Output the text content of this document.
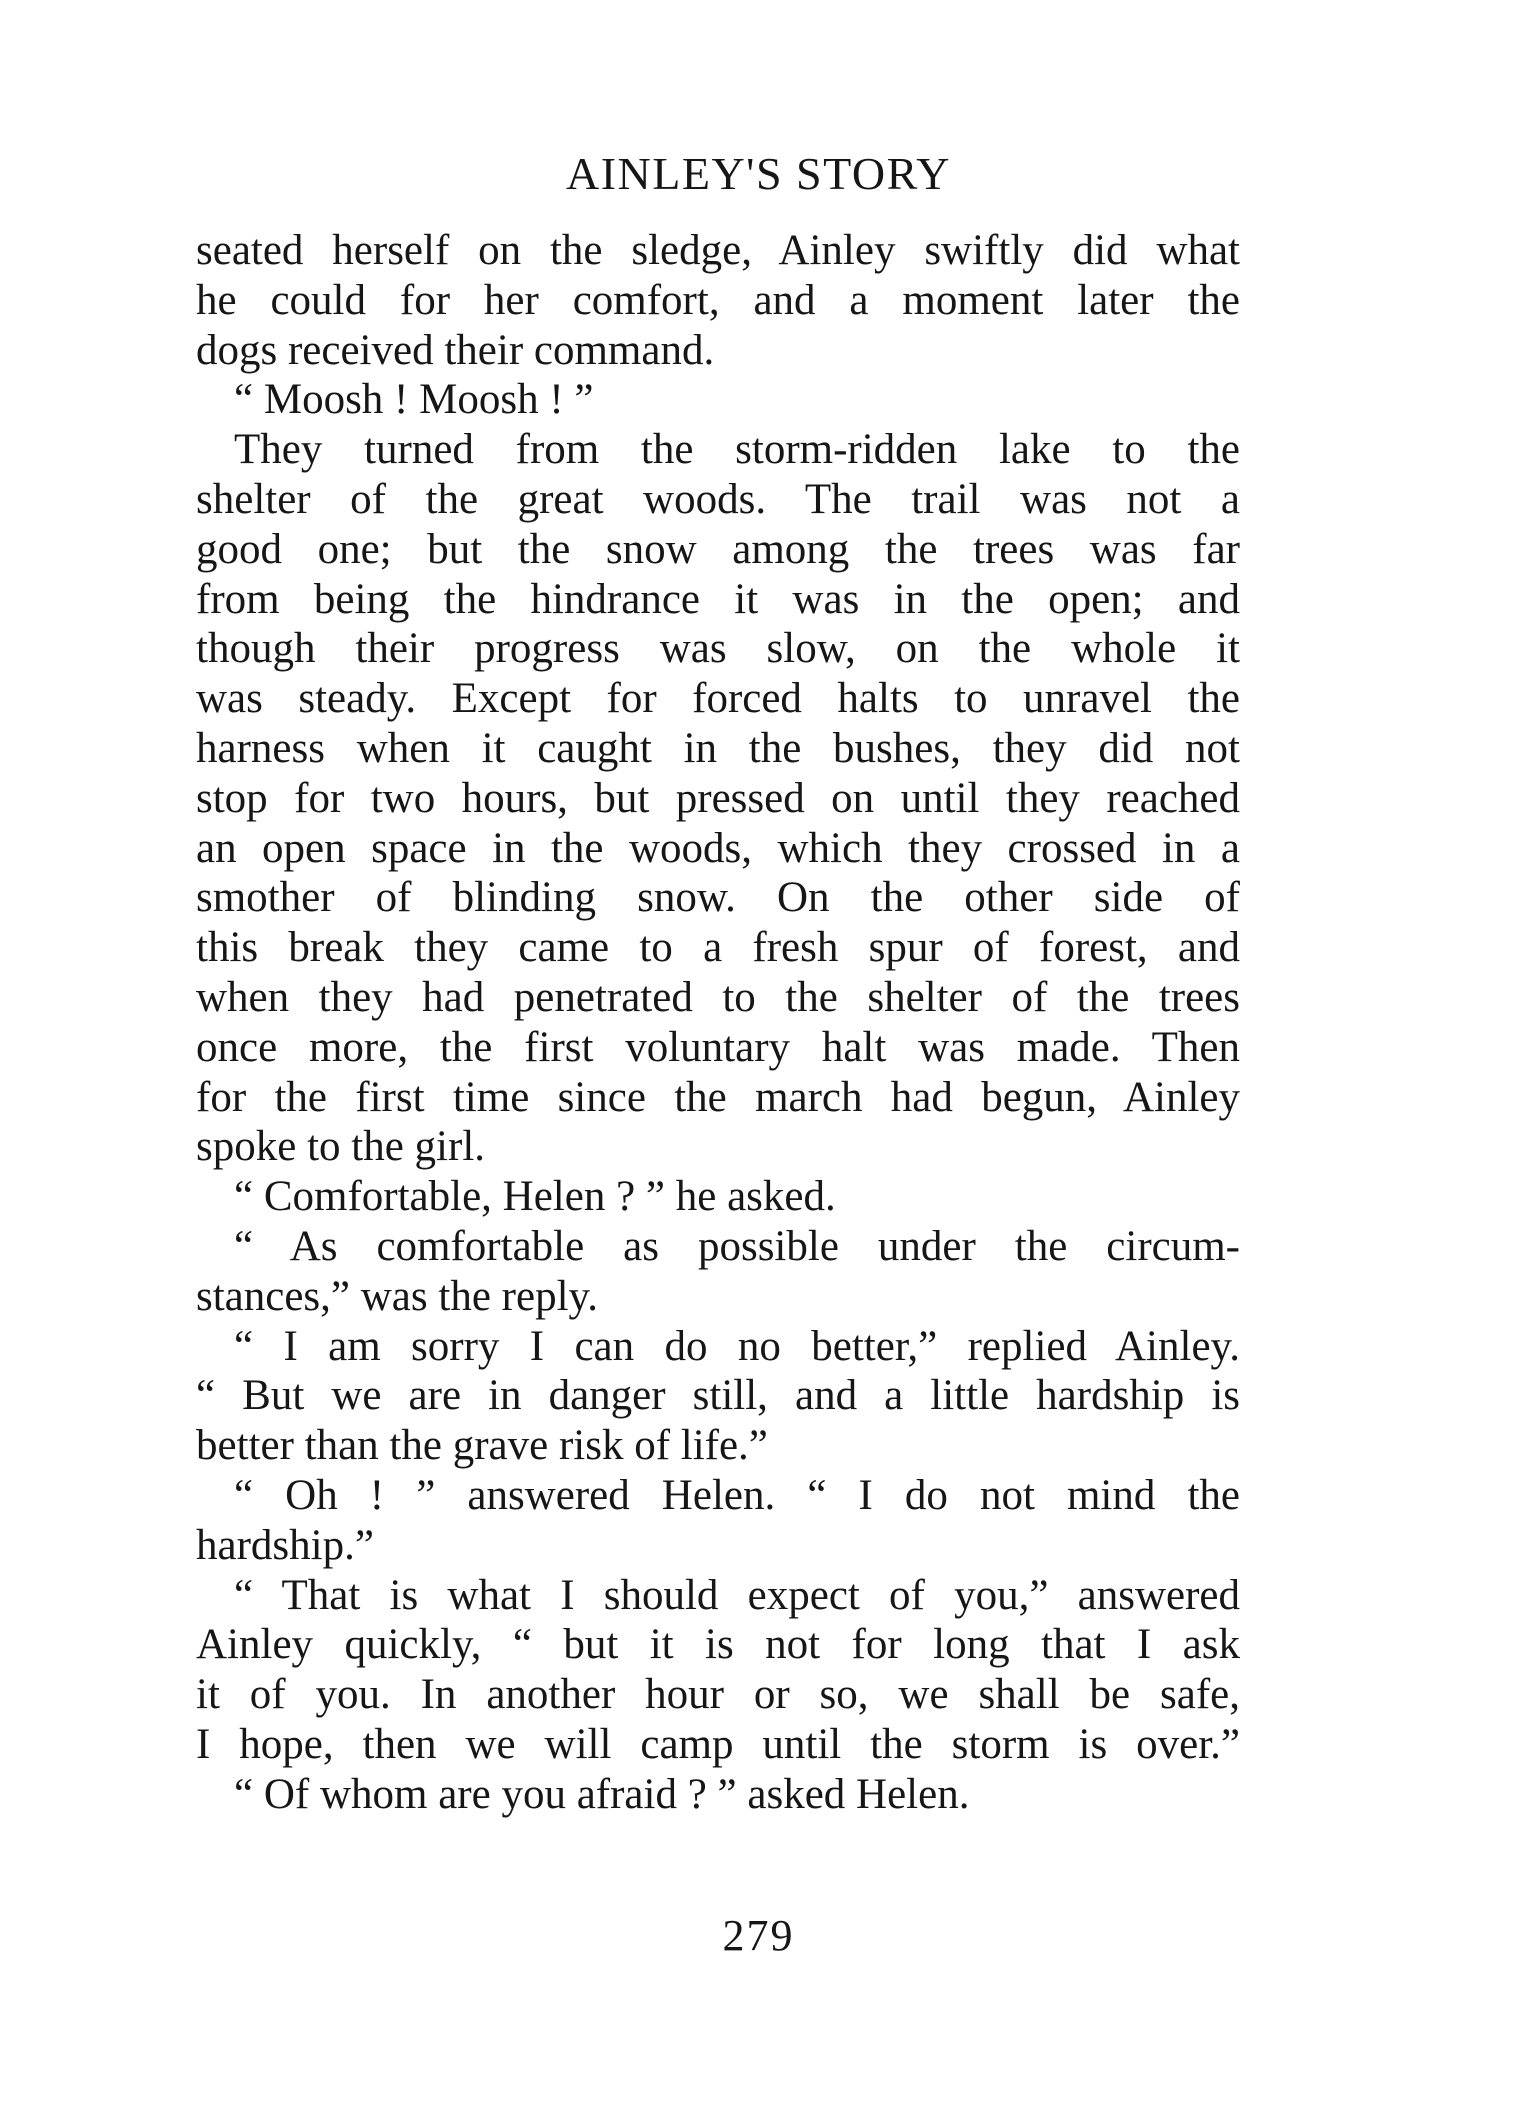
AINLEY'S STORY
seated herself on the sledge, Ainley swiftly did what
he could for her comfort, and a moment later the
dogs received their command.
“ Moosh ! Moosh ! ”
They turned from the storm-ridden lake to the
shelter of the great woods. The trail was not a
good one; but the snow among the trees was far
from being the hindrance it was in the open; and
though their progress was slow, on the whole it
was steady. Except for forced halts to unravel the
harness when it caught in the bushes, they did not
stop for two hours, but pressed on until they reached
an open space in the woods, which they crossed in a
smother of blinding snow. On the other side of
this break they came to a fresh spur of forest, and
when they had penetrated to the shelter of the trees
once more, the first voluntary halt was made. Then
for the first time since the march had begun, Ainley
spoke to the girl.
“ Comfortable, Helen ? ” he asked.
“ As comfortable as possible under the circum-
stances,” was the reply.
“ I am sorry I can do no better,” replied Ainley.
“ But we are in danger still, and a little hardship is
better than the grave risk of life.”
“ Oh ! ” answered Helen. “ I do not mind the
hardship.”
“ That is what I should expect of you,” answered
Ainley quickly, “ but it is not for long that I ask
it of you. In another hour or so, we shall be safe,
I hope, then we will camp until the storm is over.”
“ Of whom are you afraid ? ” asked Helen.
279
